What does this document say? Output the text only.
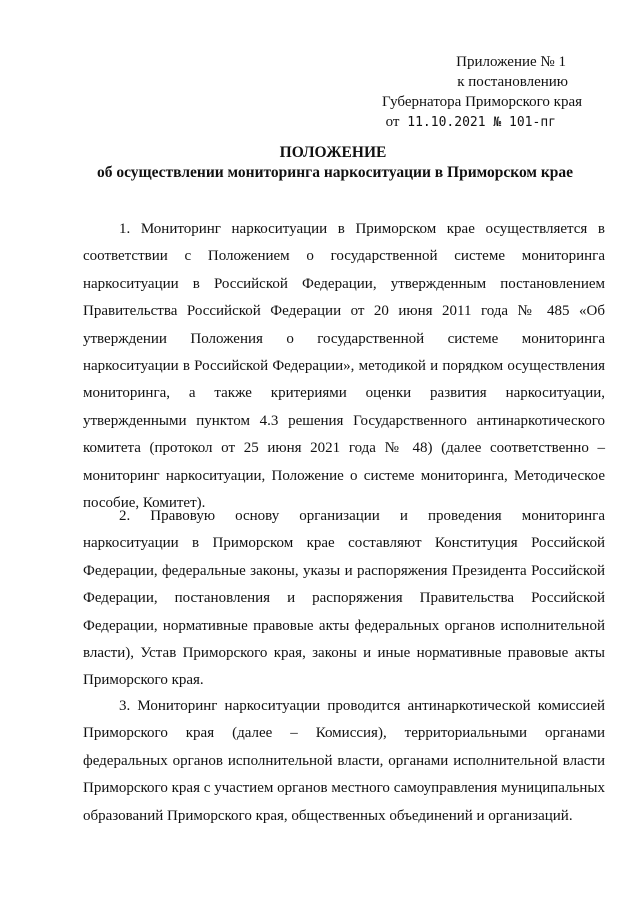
Приложение № 1
к постановлению
Губернатора Приморского края
от 11.10.2021 № 101-пг
ПОЛОЖЕНИЕ
об осуществлении мониторинга наркоситуации в Приморском крае

1. Мониторинг наркоситуации в Приморском крае осуществляется в соответствии с Положением о государственной системе мониторинга наркоситуации в Российской Федерации, утвержденным постановлением Правительства Российской Федерации от 20 июня 2011 года № 485 «Об утверждении Положения о государственной системе мониторинга наркоситуации в Российской Федерации», методикой и порядком осуществления мониторинга, а также критериями оценки развития наркоситуации, утвержденными пунктом 4.3 решения Государственного антинаркотического комитета (протокол от 25 июня 2021 года № 48) (далее соответственно – мониторинг наркоситуации, Положение о системе мониторинга, Методическое пособие, Комитет).

2. Правовую основу организации и проведения мониторинга наркоситуации в Приморском крае составляют Конституция Российской Федерации, федеральные законы, указы и распоряжения Президента Российской Федерации, постановления и распоряжения Правительства Российской Федерации, нормативные правовые акты федеральных органов исполнительной власти), Устав Приморского края, законы и иные нормативные правовые акты Приморского края.

3. Мониторинг наркоситуации проводится антинаркотической комиссией Приморского края (далее – Комиссия), территориальными органами федеральных органов исполнительной власти, органами исполнительной власти Приморского края с участием органов местного самоуправления муниципальных образований Приморского края, общественных объединений и организаций.
